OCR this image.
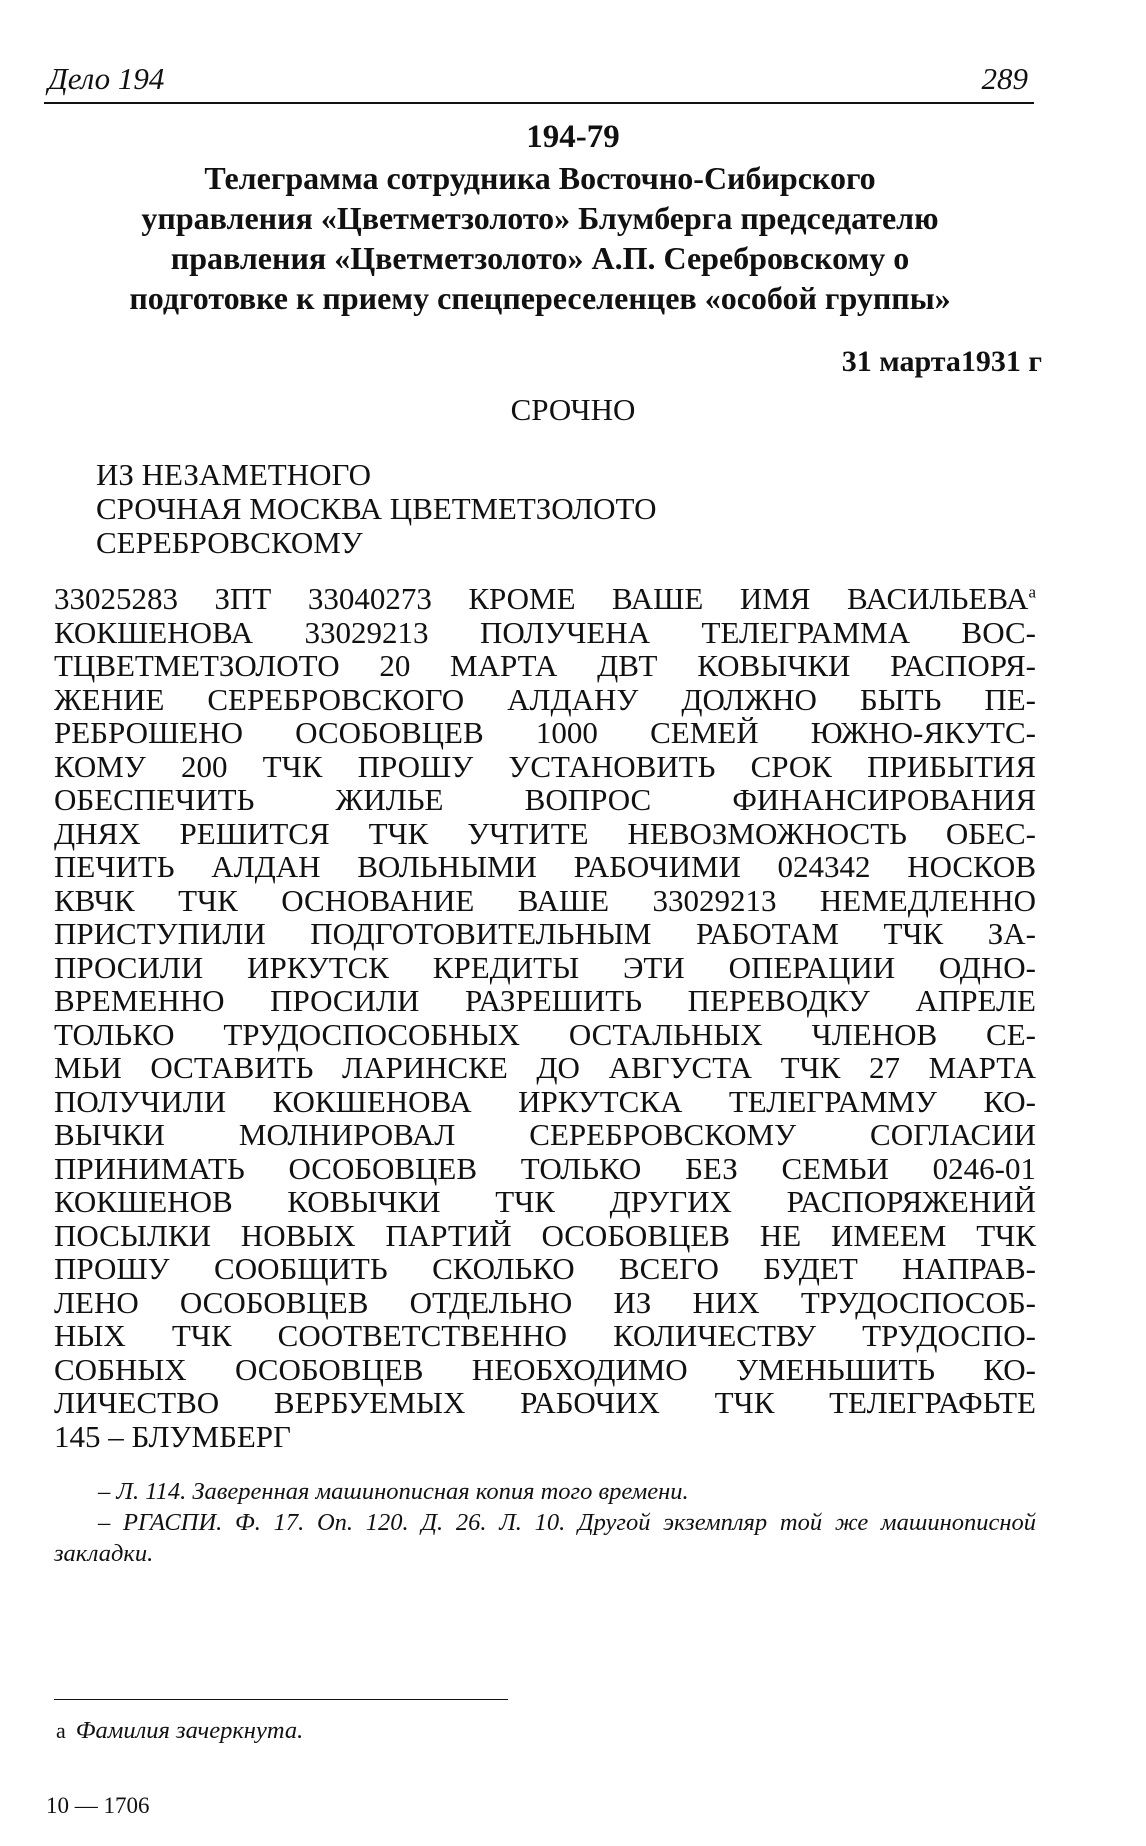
Дело 194	289
194-79
Телеграмма сотрудника Восточно-Сибирского
управления «Цветметзолото» Блумберга председателю
правления «Цветметзолото» А.П. Серебровскому о
подготовке к приему спецпереселенцев «особой группы»
31 марта1931 г
СРОЧНО
ИЗ НЕЗАМЕТНОГО
СРОЧНАЯ МОСКВА ЦВЕТМЕТЗОЛОТО
СЕРЕБРОВСКОМУ
33025283 ЗПТ 33040273 КРОМЕ ВАШЕ ИМЯ ВАСИЛЬЕВА$^а$
КОКШЕНОВА 33029213 ПОЛУЧЕНА ТЕЛЕГРАММА ВОС-
ТЦВЕТМЕТЗОЛОТО 20 МАРТА ДВТ КОВЫЧКИ РАСПОРЯ-
ЖЕНИЕ СЕРЕБРОВСКОГО АЛДАНУ ДОЛЖНО БЫТЬ ПЕ-
РЕБРОШЕНО ОСОБОВЦЕВ 1000 СЕМЕЙ ЮЖНО-ЯКУТС-
КОМУ 200 ТЧК ПРОШУ УСТАНОВИТЬ СРОК ПРИБЫТИЯ
ОБЕСПЕЧИТЬ ЖИЛЬЕ ВОПРОС ФИНАНСИРОВАНИЯ
ДНЯХ РЕШИТСЯ ТЧК УЧТИТЕ НЕВОЗМОЖНОСТЬ ОБЕС-
ПЕЧИТЬ АЛДАН ВОЛЬНЫМИ РАБОЧИМИ 024342 НОСКОВ
КВЧК ТЧК ОСНОВАНИЕ ВАШЕ 33029213 НЕМЕДЛЕННО
ПРИСТУПИЛИ ПОДГОТОВИТЕЛЬНЫМ РАБОТАМ ТЧК ЗА-
ПРОСИЛИ ИРКУТСК КРЕДИТЫ ЭТИ ОПЕРАЦИИ ОДНО-
ВРЕМЕННО ПРОСИЛИ РАЗРЕШИТЬ ПЕРЕВОДКУ АПРЕЛЕ
ТОЛЬКО ТРУДОСПОСОБНЫХ ОСТАЛЬНЫХ ЧЛЕНОВ СЕ-
МЬИ ОСТАВИТЬ ЛАРИНСКЕ ДО АВГУСТА ТЧК 27 МАРТА
ПОЛУЧИЛИ КОКШЕНОВА ИРКУТСКА ТЕЛЕГРАММУ КО-
ВЫЧКИ МОЛНИРОВАЛ СЕРЕБРОВСКОМУ СОГЛАСИИ
ПРИНИМАТЬ ОСОБОВЦЕВ ТОЛЬКО БЕЗ СЕМЬИ 0246-01
КОКШЕНОВ КОВЫЧКИ ТЧК ДРУГИХ РАСПОРЯЖЕНИЙ
ПОСЫЛКИ НОВЫХ ПАРТИЙ ОСОБОВЦЕВ НЕ ИМЕЕМ ТЧК
ПРОШУ СООБЩИТЬ СКОЛЬКО ВСЕГО БУДЕТ НАПРАВ-
ЛЕНО ОСОБОВЦЕВ ОТДЕЛЬНО ИЗ НИХ ТРУДОСПОСОБ-
НЫХ ТЧК СООТВЕТСТВЕННО КОЛИЧЕСТВУ ТРУДОСПО-
СОБНЫХ ОСОБОВЦЕВ НЕОБХОДИМО УМЕНЬШИТЬ КО-
ЛИЧЕСТВО ВЕРБУЕМЫХ РАБОЧИХ ТЧК ТЕЛЕГРАФЬТЕ
145 – БЛУМБЕРГ
– Л. 114. Заверенная машинописная копия того времени.
– РГАСПИ. Ф. 17. Оп. 120. Д. 26. Л. 10. Другой экземпляр той же машинописной закладки.
а Фамилия зачеркнута.
10 — 1706
